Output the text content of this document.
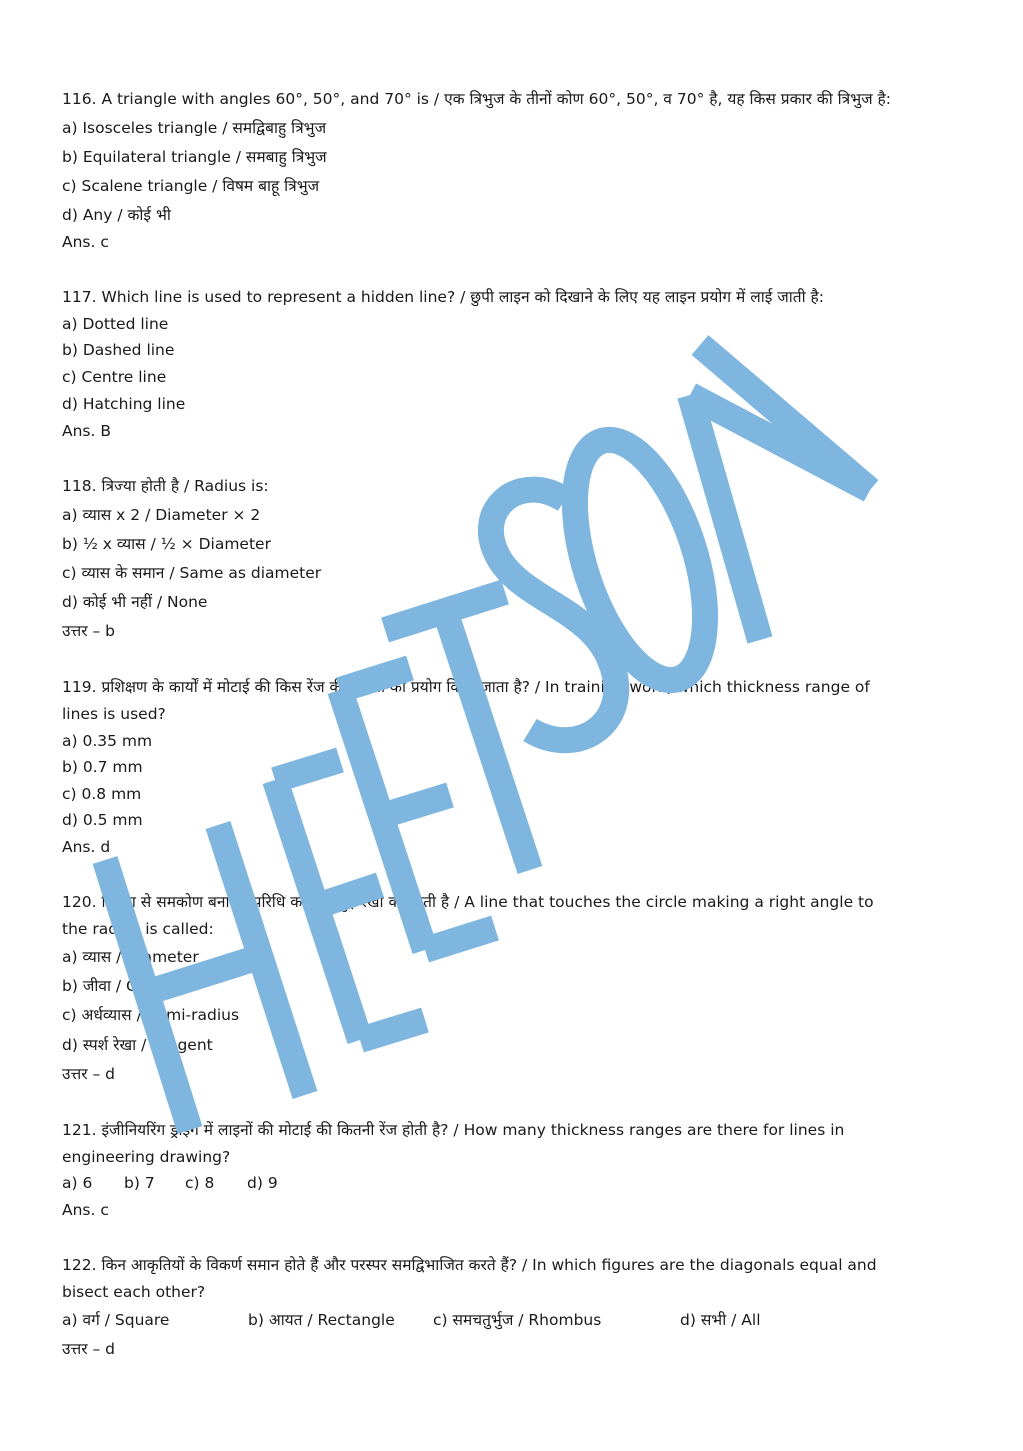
116. A triangle with angles 60°, 50°, and 70° is / एक त्रिभुज के तीनों कोण 60°, 50°, व 70° है, यह किस प्रकार की त्रिभुज है:
a) Isosceles triangle / समद्विबाहु त्रिभुज
b) Equilateral triangle / समबाहु त्रिभुज
c) Scalene triangle / विषम बाहू त्रिभुज
d) Any / कोई भी
Ans. c
117. Which line is used to represent a hidden line? / छुपी लाइन को दिखाने के लिए यह लाइन प्रयोग में लाई जाती है:
a) Dotted line
b) Dashed line
c) Centre line
d) Hatching line
Ans. B
118. त्रिज्या होती है / Radius is:
a) व्यास x 2 / Diameter × 2
b) ½ x व्यास / ½ × Diameter
c) व्यास के समान / Same as diameter
d) कोई भी नहीं / None
उत्तर – b
119. प्रशिक्षण के कार्यों में मोटाई की किस रेंज की लाइनों का प्रयोग किया जाता है? / In training work, which thickness range of
lines is used?
a) 0.35 mm
b) 0.7 mm
c) 0.8 mm
d) 0.5 mm
Ans. d
120. त्रिज्या से समकोण बनाकर परिधि को छूती हुई रेखा कहलाती है / A line that touches the circle making a right angle to
the radius is called:
a) व्यास / Diameter
b) जीवा / Chord
c) अर्धव्यास / Semi-radius
d) स्पर्श रेखा / Tangent
उत्तर – d
121. इंजीनियरिंग ड्राइंग में लाइनों की मोटाई की कितनी रेंज होती है? / How many thickness ranges are there for lines in
engineering drawing?
a) 6 b) 7 c) 8 d) 9
Ans. c
122. किन आकृतियों के विकर्ण समान होते हैं और परस्पर समद्विभाजित करते हैं? / In which figures are the diagonals equal and
bisect each other?
a) वर्ग / Square	b) आयत / Rectangle c) समचतुर्भुज / Rhombus	d) सभी / All
उत्तर – d
